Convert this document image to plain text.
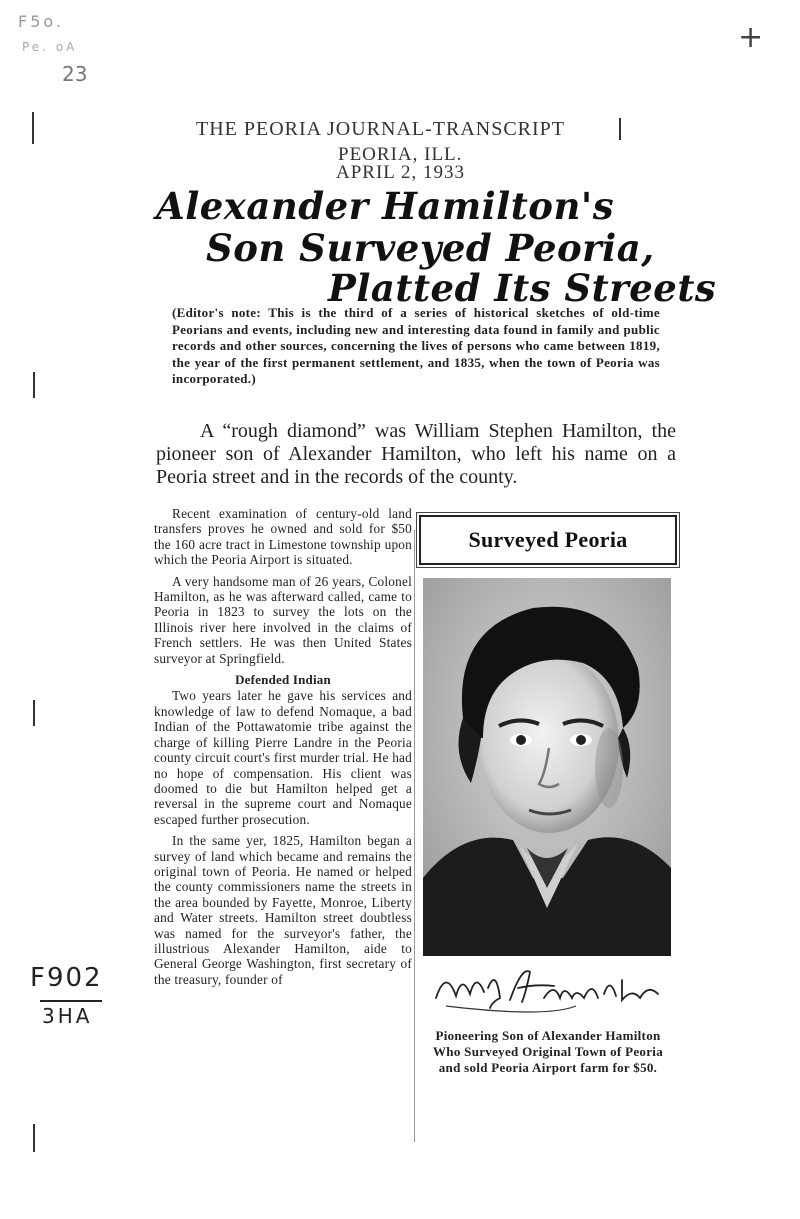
F5o.
Pe. oA
23
+
F902
3HA
THE PEORIA JOURNAL-TRANSCRIPT
PEORIA, ILL.
APRIL 2, 1933
Alexander Hamilton's
Son Surveyed Peoria,
Platted Its Streets
(Editor's note: This is the third of a series of historical sketches of old-time Peorians and events, including new and interesting data found in family and public records and other sources, concerning the lives of persons who came between 1819, the year of the first permanent settlement, and 1835, when the town of Peoria was incorporated.)
A “rough diamond” was William Stephen Hamilton, the pioneer son of Alexander Hamilton, who left his name on a Peoria street and in the records of the county.

Recent examination of century-old land transfers proves he owned and sold for $50 the 160 acre tract in Limestone township upon which the Peoria Airport is situated.

A very handsome man of 26 years, Colonel Hamilton, as he was afterward called, came to Peoria in 1823 to survey the lots on the Illinois river here involved in the claims of French settlers. He was then United States surveyor at Springfield.

Defended Indian

Two years later he gave his services and knowledge of law to defend Nomaque, a bad Indian of the Pottawatomie tribe against the charge of killing Pierre Landre in the Peoria county circuit court's first murder trial. He had no hope of compensation. His client was doomed to die but Hamilton helped get a reversal in the supreme court and Nomaque escaped further prosecution.

In the same yer, 1825, Hamilton began a survey of land which became and remains the original town of Peoria. He named or helped the county commissioners name the streets in the area bounded by Fayette, Monroe, Liberty and Water streets. Hamilton street doubtless was named for the surveyor's father, the illustrious Alexander Hamilton, aide to General George Washington, first secretary of the treasury, founder of

Surveyed Peoria
Pioneering Son of Alexander Hamilton Who Surveyed Original Town of Peoria and sold Peoria Airport farm for $50.
